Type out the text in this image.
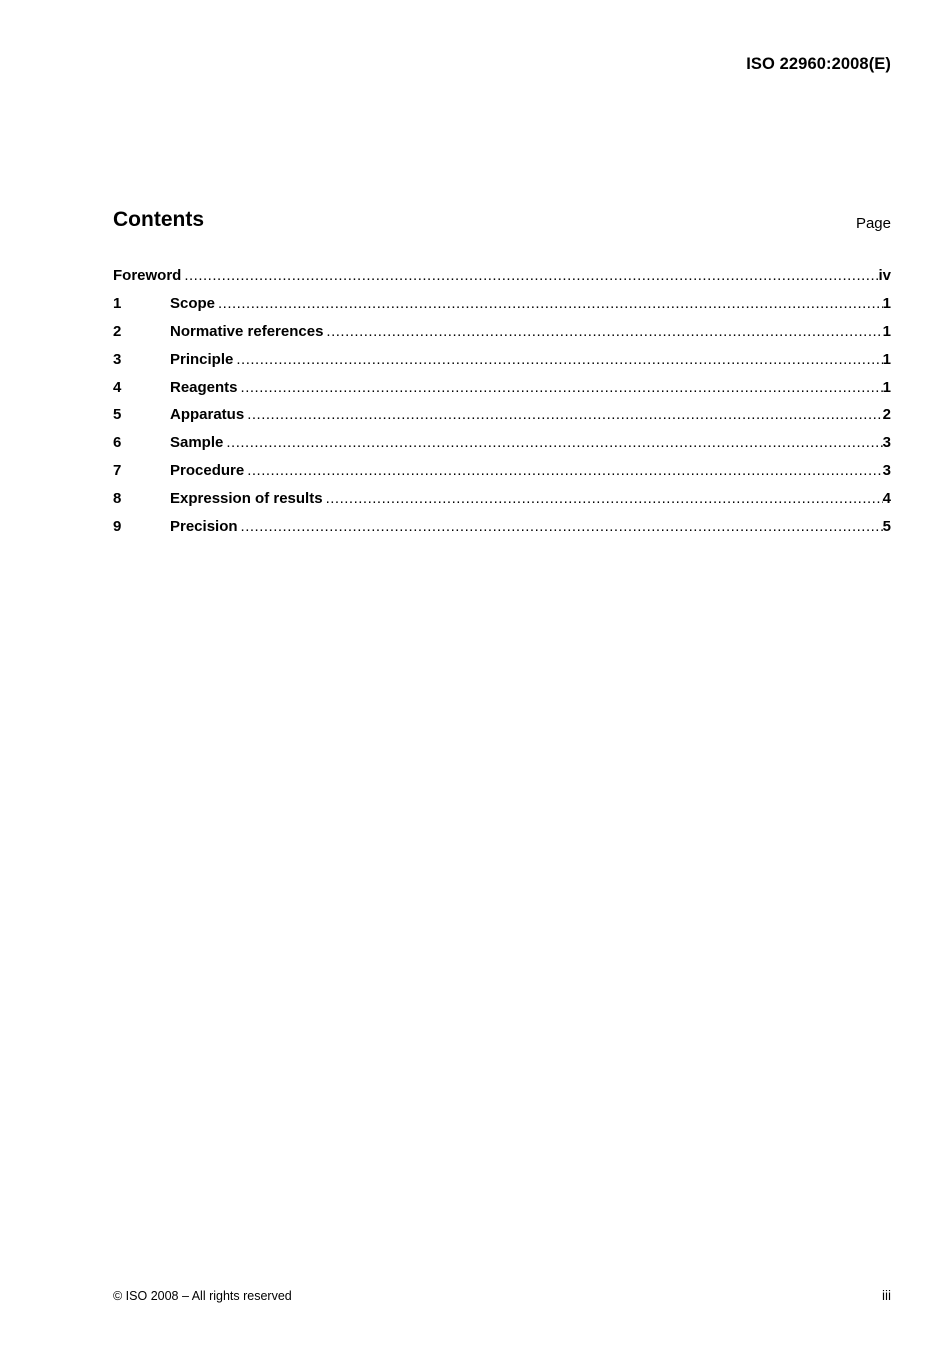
ISO 22960:2008(E)
Contents	Page
Foreword .....	iv
1	Scope .....	1
2	Normative references .....	1
3	Principle .....	1
4	Reagents .....	1
5	Apparatus .....	2
6	Sample .....	3
7	Procedure .....	3
8	Expression of results .....	4
9	Precision .....	5
© ISO 2008 – All rights reserved	iii
